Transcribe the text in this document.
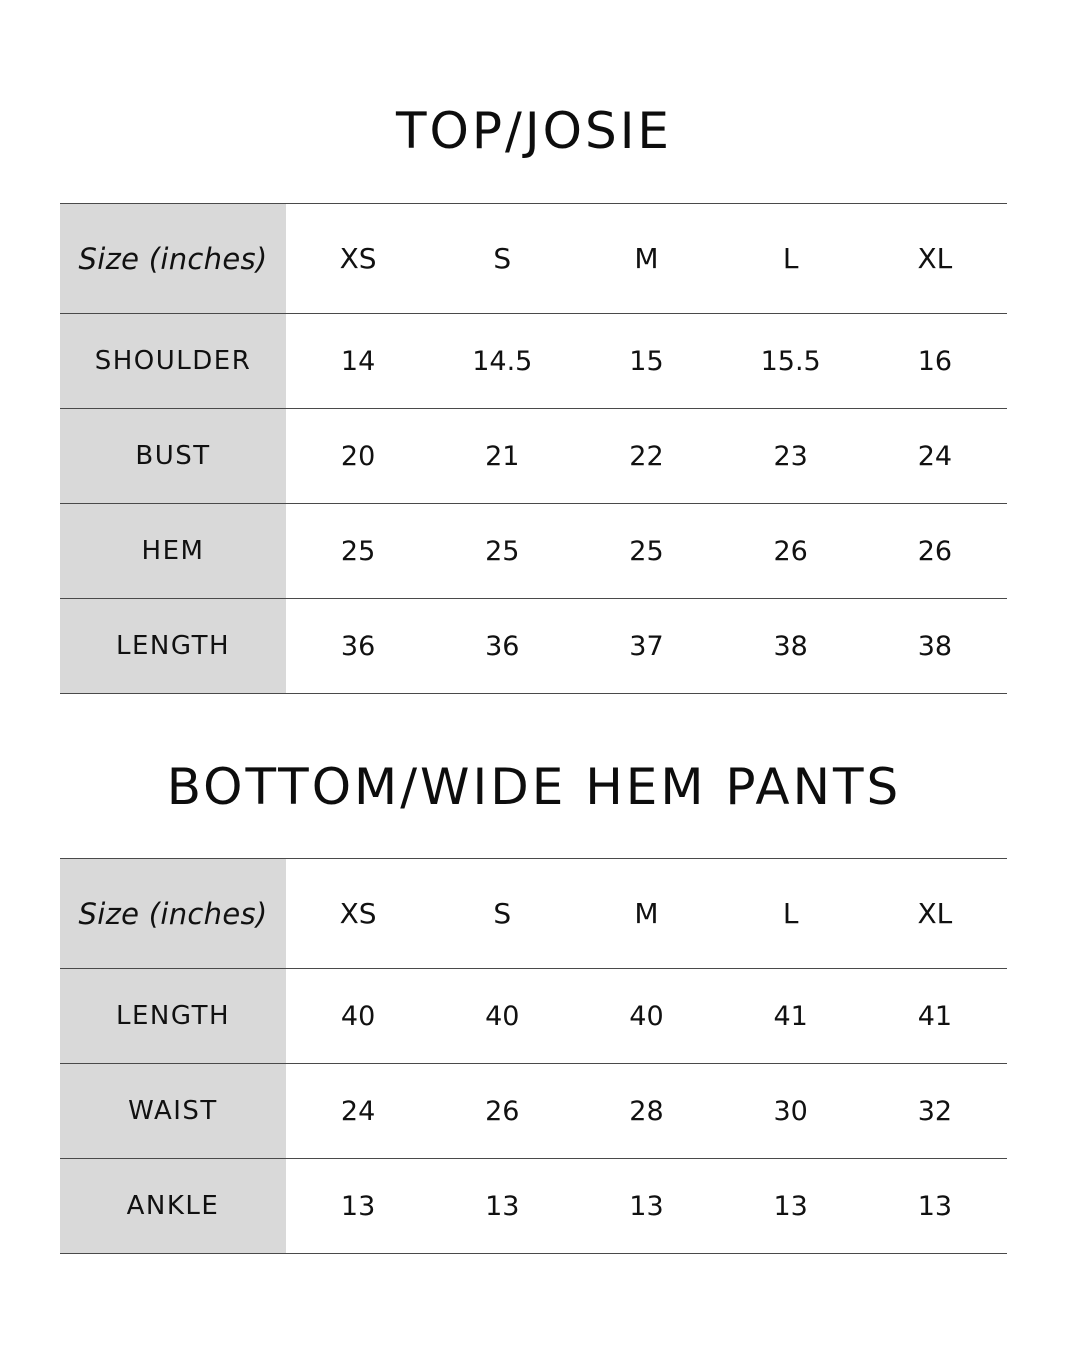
TOP/JOSIE
Size (inches)	XS	S	M	L	XL
SHOULDER	14	14.5	15	15.5	16
BUST	20	21	22	23	24
HEM	25	25	25	26	26
LENGTH	36	36	37	38	38
BOTTOM/WIDE HEM PANTS
Size (inches)	XS	S	M	L	XL
LENGTH	40	40	40	41	41
WAIST	24	26	28	30	32
ANKLE	13	13	13	13	13
